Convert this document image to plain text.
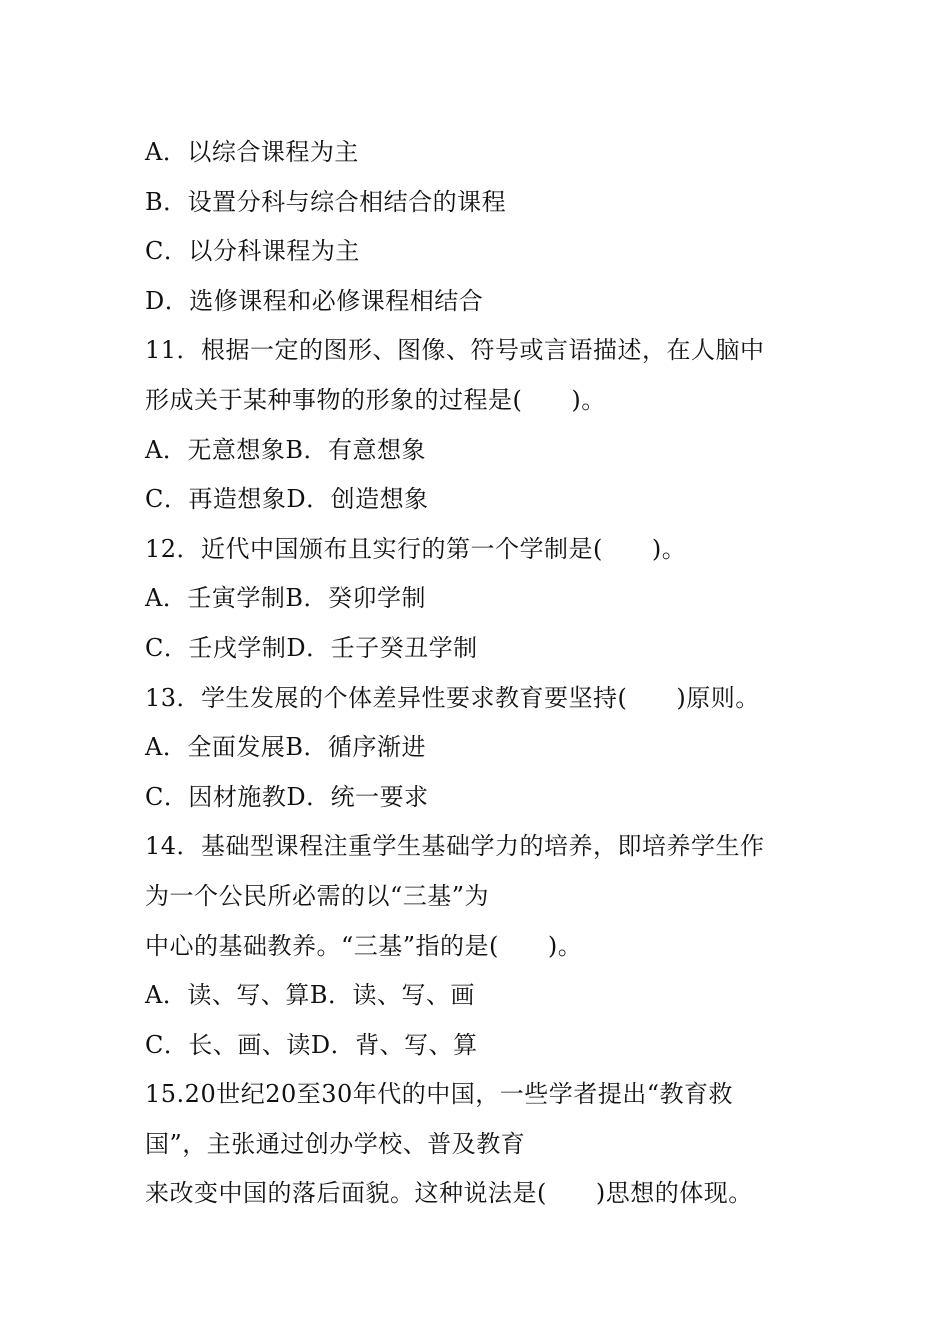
A．以综合课程为主
B．设置分科与综合相结合的课程
C．以分科课程为主
D．选修课程和必修课程相结合
11．根据一定的图形、图像、符号或言语描述，在人脑中
形成关于某种事物的形象的过程是(　　)。
A．无意想象B．有意想象
C．再造想象D．创造想象
12．近代中国颁布且实行的第一个学制是(　　)。
A．壬寅学制B．癸卯学制
C．壬戌学制D．壬子癸丑学制
13．学生发展的个体差异性要求教育要坚持(　　)原则。
A．全面发展B．循序渐进
C．因材施教D．统一要求
14．基础型课程注重学生基础学力的培养，即培养学生作
为一个公民所必需的以“三基”为
中心的基础教养。“三基”指的是(　　)。
A．读、写、算B．读、写、画
C．长、画、读D．背、写、算
15.20世纪20至30年代的中国，一些学者提出“教育救
国”，主张通过创办学校、普及教育
来改变中国的落后面貌。这种说法是(　　)思想的体现。
